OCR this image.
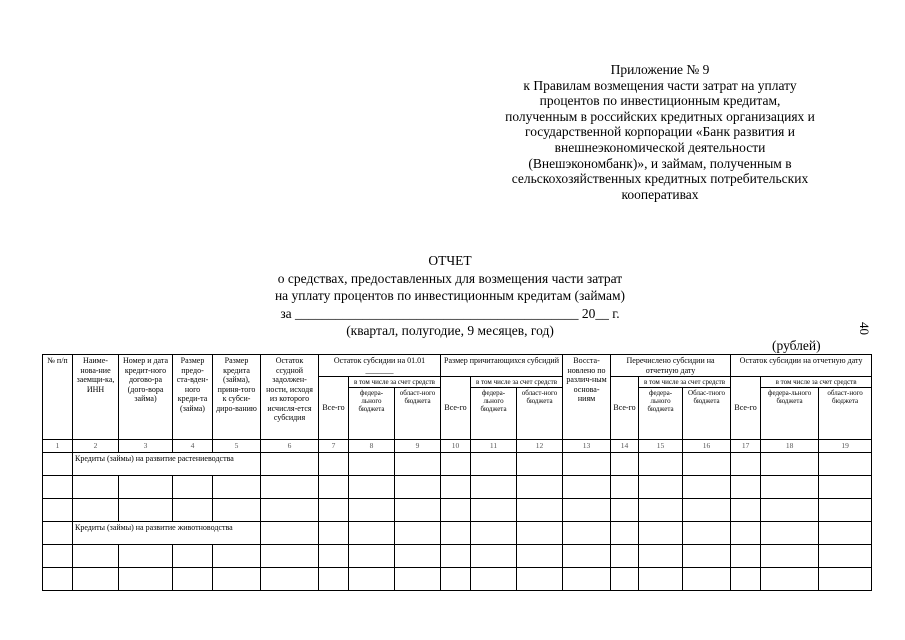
Приложение № 9
к Правилам возмещения части затрат на уплату
процентов по инвестиционным кредитам,
полученным в российских кредитных организациях и
государственной корпорации «Банк развития и
внешнеэкономической деятельности
(Внешэкономбанк)», и займам, полученным в
сельскохозяйственных кредитных потребительских
кооперативах
ОТЧЕТ
о средствах, предоставленных для возмещения части затрат
на уплату процентов по инвестиционным кредитам (займам)
за __________________________________________ 20__ г.
(квартал, полугодие, 9 месяцев, год)
(рублей)
40
№ п/п	Наиме-нова-ние заемщи-ка, ИНН	Номер и дата кредит-ного догово-ра (дого-вора займа)	Размер предо-ста-вден-ного креди-та (займа)	Размер кредита (займа), приня-того к субси-диро-ванию	Остаток ссудной задолжен-ности, исходя из которого исчисля-ется субсидия	Остаток субсидии на 01.01 _______			Размер причитающихся субсидий			Восста-новлено по различ-ным основа-ниям	Перечислено субсидии на отчетную дату			Остаток субсидии на отчетную дату		
						Все-го	в том числе за счет средств		Все-го	в том числе за счет средств			Все-го	в том числе за счет средств		Все-го	в том числе за счет средств	
							федера-льного бюджета	област-ного бюджета		федера-льного бюджета	област-ного бюджета			федера-льного бюджета	Облас-тного бюджета		федера-льного бюджета	област-ного бюджета
1	2	3	4	5	6	7	8	9	10	11	12	13	14	15	16	17	18	19
	Кредиты (займы) на развитие растениеводства																	

	Кредиты (займы) на развитие животноводства																	
